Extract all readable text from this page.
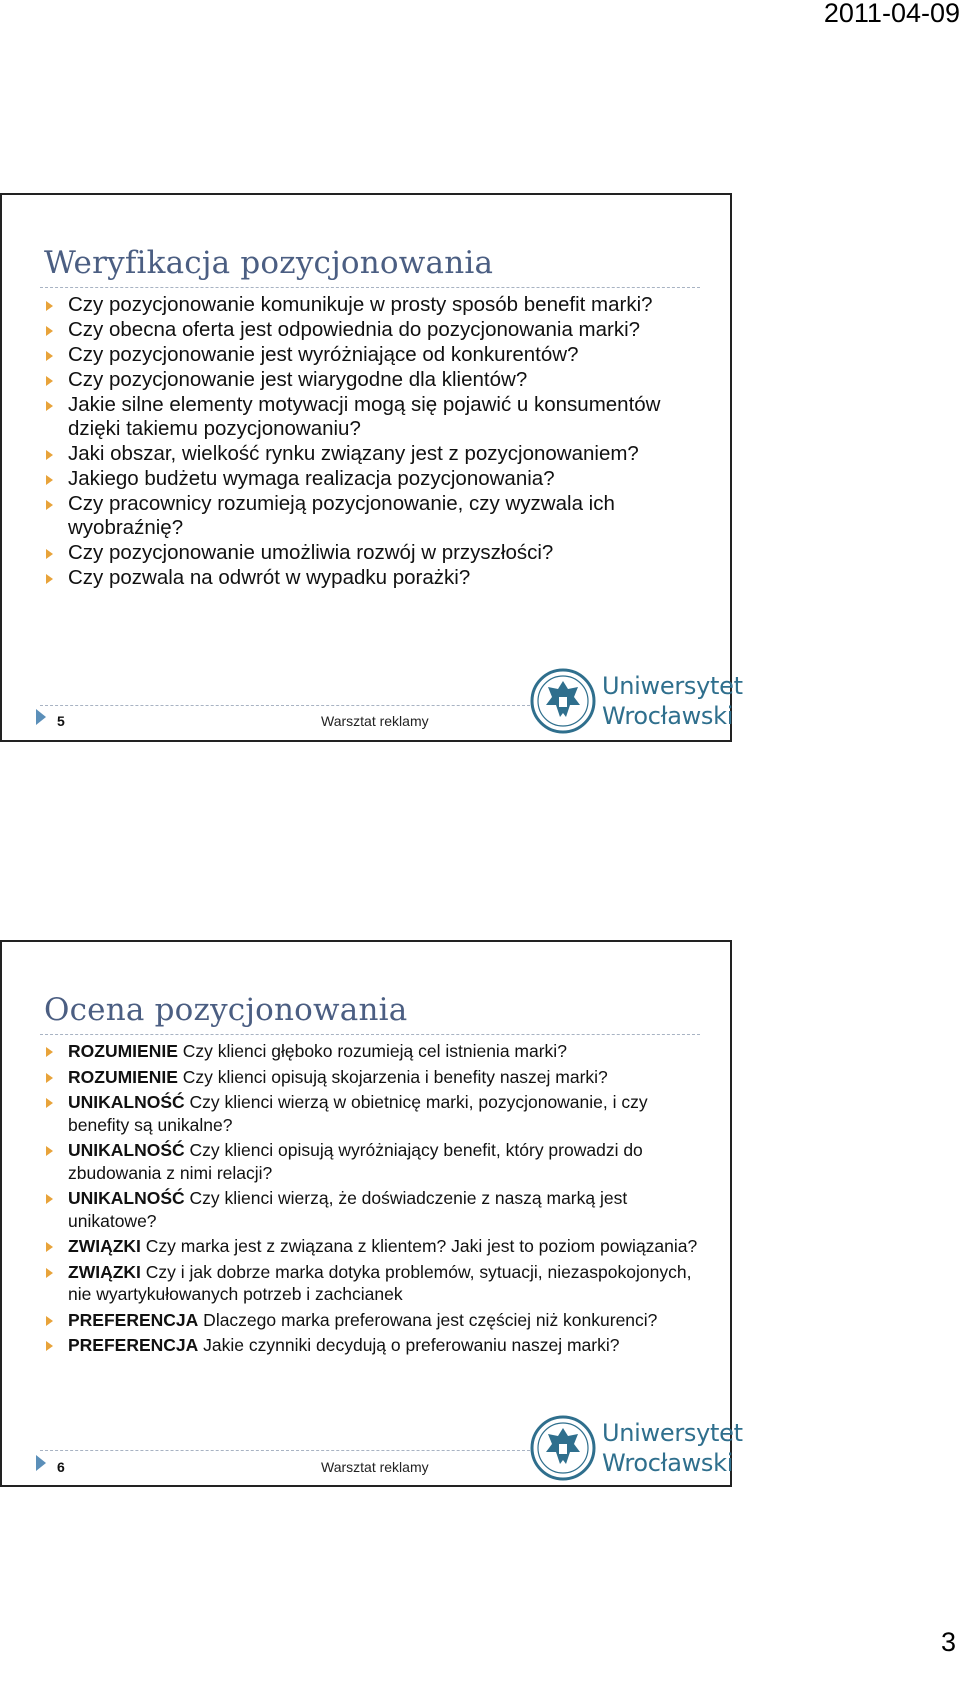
2011-04-09
Weryfikacja pozycjonowania
Czy pozycjonowanie komunikuje w prosty sposób benefit marki?
Czy obecna oferta jest odpowiednia do pozycjonowania marki?
Czy pozycjonowanie jest wyróżniające od konkurentów?
Czy pozycjonowanie jest wiarygodne dla klientów?
Jakie silne elementy motywacji mogą się pojawić u konsumentów dzięki takiemu pozycjonowaniu?
Jaki obszar, wielkość rynku związany jest z pozycjonowaniem?
Jakiego budżetu wymaga realizacja pozycjonowania?
Czy pracownicy rozumieją pozycjonowanie, czy wyzwala ich wyobraźnię?
Czy pozycjonowanie umożliwia rozwój w przyszłości?
Czy pozwala na odwrót w wypadku porażki?
5	Warsztat reklamy
Uniwersytet
Wrocławski
Ocena pozycjonowania
ROZUMIENIE Czy klienci głęboko rozumieją cel istnienia marki?
ROZUMIENIE Czy klienci opisują skojarzenia i benefity naszej marki?
UNIKALNOŚĆ Czy klienci wierzą w obietnicę marki, pozycjonowanie, i czy benefity są unikalne?
UNIKALNOŚĆ Czy klienci opisują wyróżniający benefit, który prowadzi do zbudowania z nimi relacji?
UNIKALNOŚĆ Czy klienci wierzą, że doświadczenie z naszą marką jest unikatowe?
ZWIĄZKI Czy marka jest z związana z klientem? Jaki jest to poziom powiązania?
ZWIĄZKI Czy i jak dobrze marka dotyka problemów, sytuacji, niezaspokojonych, nie wyartykułowanych potrzeb i zachcianek
PREFERENCJA Dlaczego marka preferowana jest częściej niż konkurenci?
PREFERENCJA Jakie czynniki decydują o preferowaniu naszej marki?
6	Warsztat reklamy
Uniwersytet
Wrocławski
3
